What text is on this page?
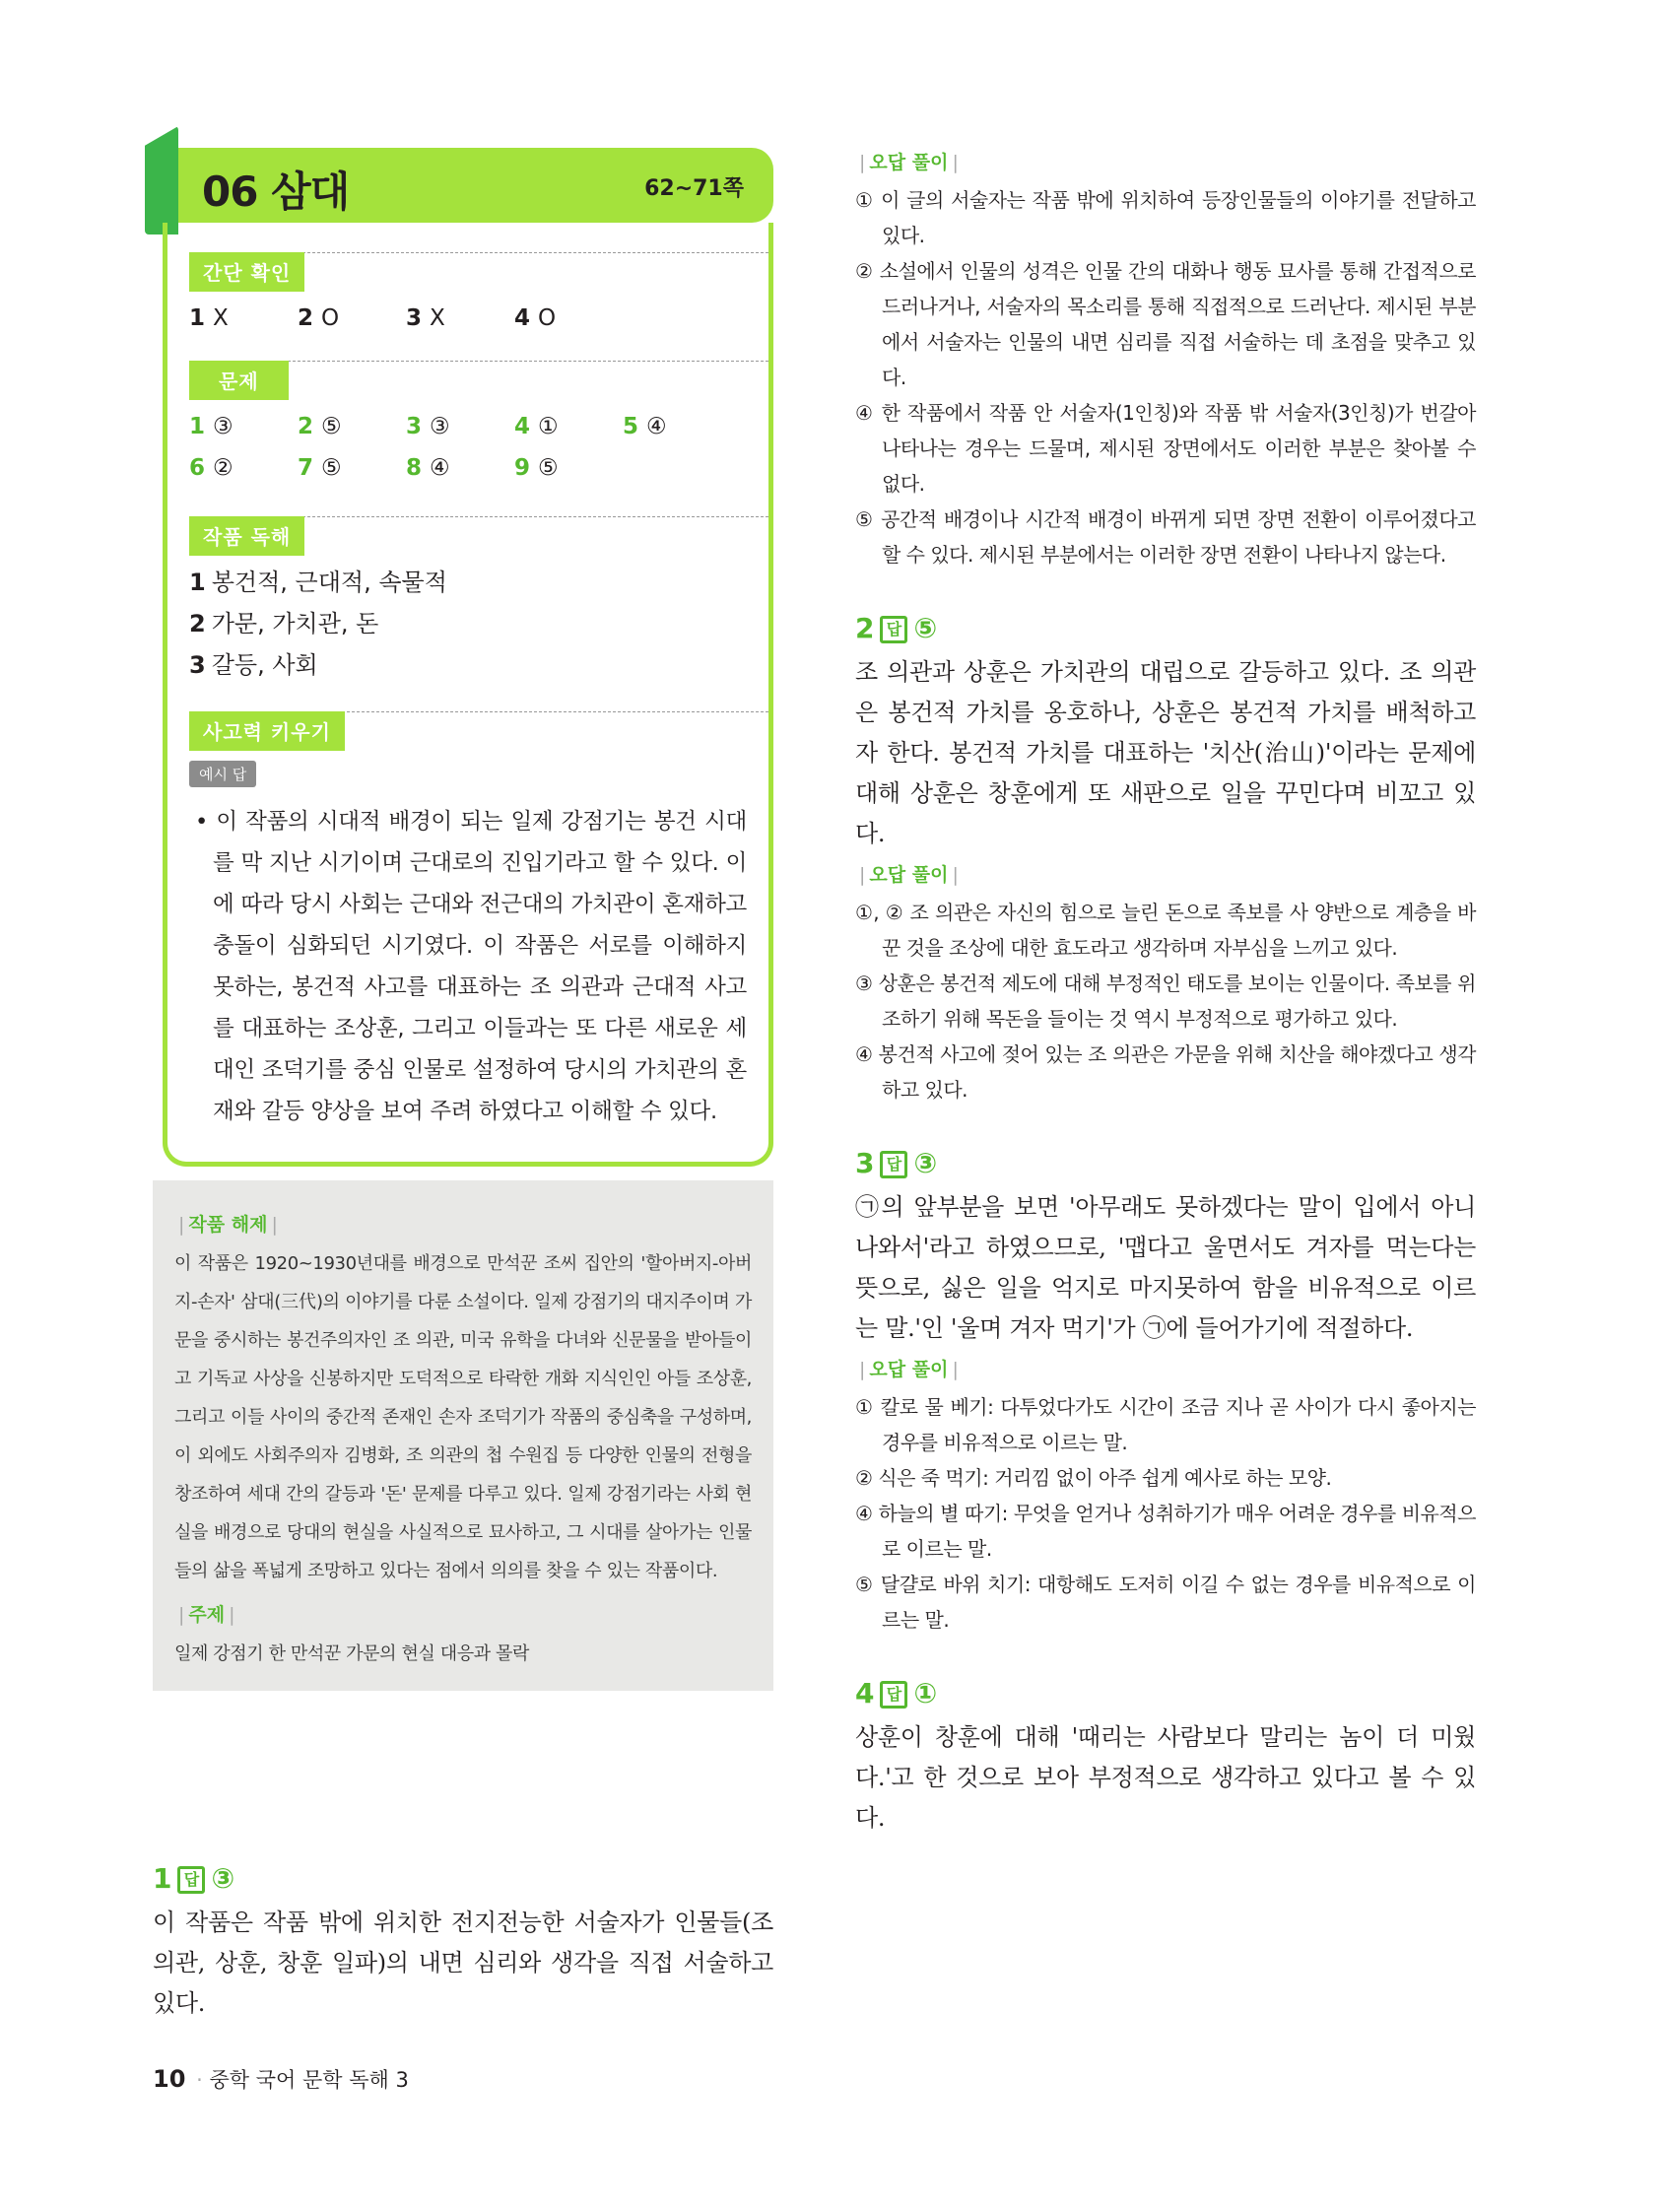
06 삼대	62~71쪽
간단 확인
1 X	2 O	3 X	4 O
문제
1 ③	2 ⑤	3 ③	4 ①	5 ④
6 ②	7 ⑤	8 ④	9 ⑤
작품 독해
1 봉건적, 근대적, 속물적
2 가문, 가치관, 돈
3 갈등, 사회
사고력 키우기
예시 답
• 이 작품의 시대적 배경이 되는 일제 강점기는 봉건 시대를 막 지난 시기이며 근대로의 진입기라고 할 수 있다. 이에 따라 당시 사회는 근대와 전근대의 가치관이 혼재하고 충돌이 심화되던 시기였다. 이 작품은 서로를 이해하지 못하는, 봉건적 사고를 대표하는 조 의관과 근대적 사고를 대표하는 조상훈, 그리고 이들과는 또 다른 새로운 세대인 조덕기를 중심 인물로 설정하여 당시의 가치관의 혼재와 갈등 양상을 보여 주려 하였다고 이해할 수 있다.
| 작품 해제 |

이 작품은 1920~1930년대를 배경으로 만석꾼 조씨 집안의 '할아버지-아버지-손자' 삼대(三代)의 이야기를 다룬 소설이다. 일제 강점기의 대지주이며 가문을 중시하는 봉건주의자인 조 의관, 미국 유학을 다녀와 신문물을 받아들이고 기독교 사상을 신봉하지만 도덕적으로 타락한 개화 지식인인 아들 조상훈, 그리고 이들 사이의 중간적 존재인 손자 조덕기가 작품의 중심축을 구성하며, 이 외에도 사회주의자 김병화, 조 의관의 첩 수원집 등 다양한 인물의 전형을 창조하여 세대 간의 갈등과 '돈' 문제를 다루고 있다. 일제 강점기라는 사회 현실을 배경으로 당대의 현실을 사실적으로 묘사하고, 그 시대를 살아가는 인물들의 삶을 폭넓게 조망하고 있다는 점에서 의의를 찾을 수 있는 작품이다.

| 주제 |

일제 강점기 한 만석꾼 가문의 현실 대응과 몰락

1 답 ③
이 작품은 작품 밖에 위치한 전지전능한 서술자가 인물들(조 의관, 상훈, 창훈 일파)의 내면 심리와 생각을 직접 서술하고 있다.
10 · 중학 국어 문학 독해 3
| 오답 풀이 |

① 이 글의 서술자는 작품 밖에 위치하여 등장인물들의 이야기를 전달하고 있다.

② 소설에서 인물의 성격은 인물 간의 대화나 행동 묘사를 통해 간접적으로 드러나거나, 서술자의 목소리를 통해 직접적으로 드러난다. 제시된 부분에서 서술자는 인물의 내면 심리를 직접 서술하는 데 초점을 맞추고 있다.

④ 한 작품에서 작품 안 서술자(1인칭)와 작품 밖 서술자(3인칭)가 번갈아 나타나는 경우는 드물며, 제시된 장면에서도 이러한 부분은 찾아볼 수 없다.

⑤ 공간적 배경이나 시간적 배경이 바뀌게 되면 장면 전환이 이루어졌다고 할 수 있다. 제시된 부분에서는 이러한 장면 전환이 나타나지 않는다.

2 답 ⑤
조 의관과 상훈은 가치관의 대립으로 갈등하고 있다. 조 의관은 봉건적 가치를 옹호하나, 상훈은 봉건적 가치를 배척하고자 한다. 봉건적 가치를 대표하는 '치산(治山)'이라는 문제에 대해 상훈은 창훈에게 또 새판으로 일을 꾸민다며 비꼬고 있다.
| 오답 풀이 |

①, ② 조 의관은 자신의 힘으로 늘린 돈으로 족보를 사 양반으로 계층을 바꾼 것을 조상에 대한 효도라고 생각하며 자부심을 느끼고 있다.

③ 상훈은 봉건적 제도에 대해 부정적인 태도를 보이는 인물이다. 족보를 위조하기 위해 목돈을 들이는 것 역시 부정적으로 평가하고 있다.

④ 봉건적 사고에 젖어 있는 조 의관은 가문을 위해 치산을 해야겠다고 생각하고 있다.

3 답 ③
㉠의 앞부분을 보면 '아무래도 못하겠다는 말이 입에서 아니 나와서'라고 하였으므로, '맵다고 울면서도 겨자를 먹는다는 뜻으로, 싫은 일을 억지로 마지못하여 함을 비유적으로 이르는 말.'인 '울며 겨자 먹기'가 ㉠에 들어가기에 적절하다.
| 오답 풀이 |

① 칼로 물 베기: 다투었다가도 시간이 조금 지나 곧 사이가 다시 좋아지는 경우를 비유적으로 이르는 말.

② 식은 죽 먹기: 거리낌 없이 아주 쉽게 예사로 하는 모양.

④ 하늘의 별 따기: 무엇을 얻거나 성취하기가 매우 어려운 경우를 비유적으로 이르는 말.

⑤ 달걀로 바위 치기: 대항해도 도저히 이길 수 없는 경우를 비유적으로 이르는 말.

4 답 ①
상훈이 창훈에 대해 '때리는 사람보다 말리는 놈이 더 미웠다.'고 한 것으로 보아 부정적으로 생각하고 있다고 볼 수 있다.
